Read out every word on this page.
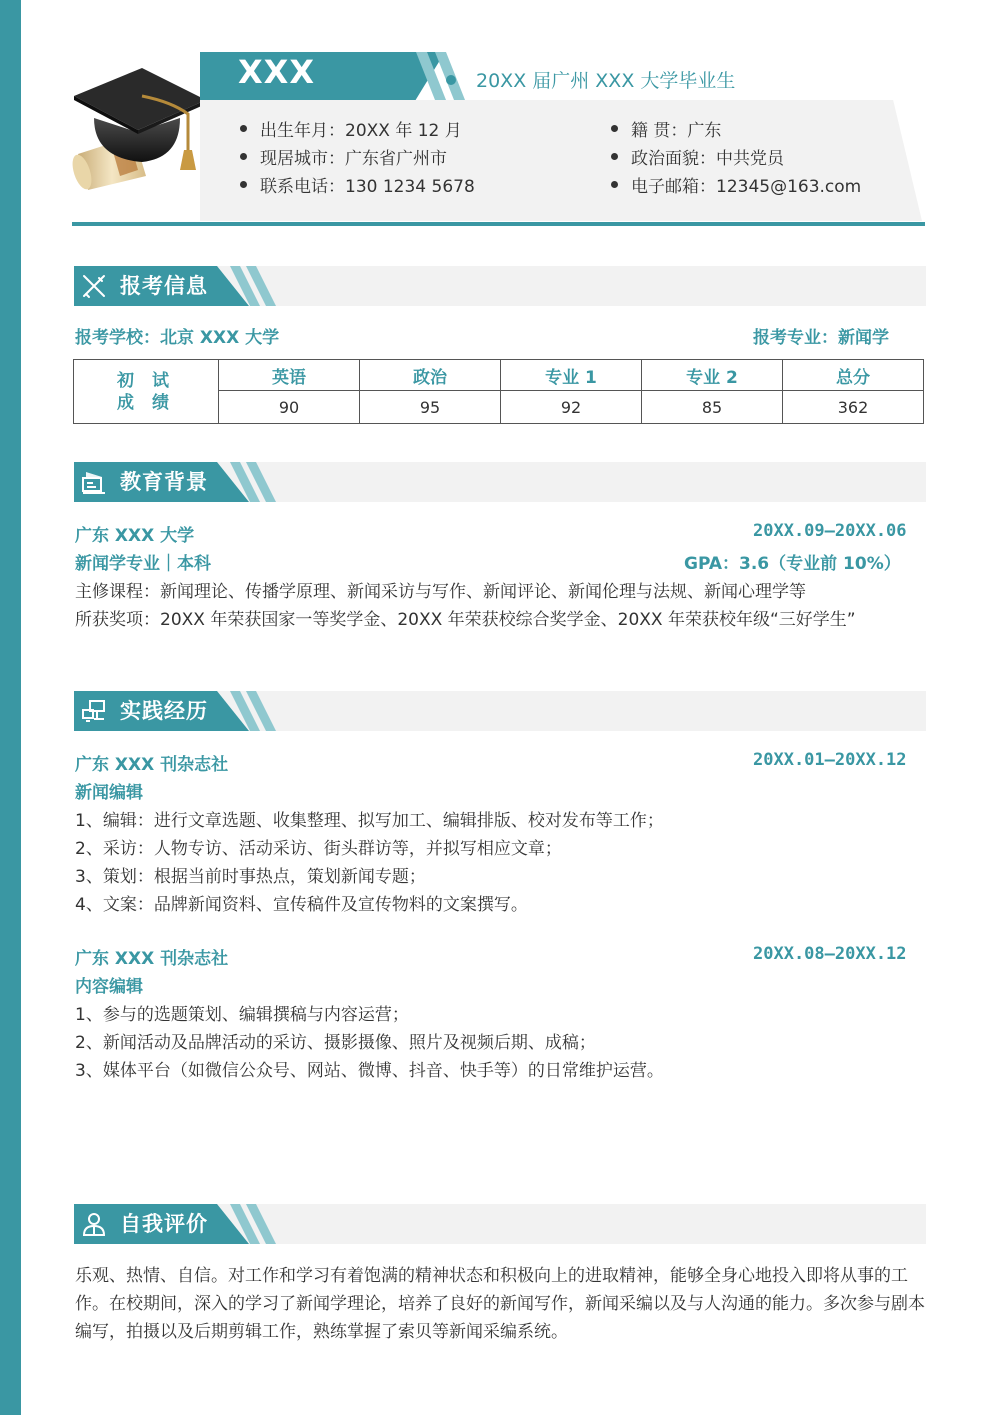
XXX	20XX 届广州 XXX 大学毕业生
出生年月：20XX 年 12 月
现居城市：广东省广州市
联系电话：130 1234 5678
籍 贯：广东
政治面貌：中共党员
电子邮箱：12345@163.com
报考信息
报考学校：北京 XXX 大学	报考专业：新闻学
初 试
成 绩	英语	政治	专业 1	专业 2	总分
	90	95	92	85	362
教育背景
广东 XXX 大学	20XX.09–20XX.06
新闻学专业｜本科	GPA：3.6（专业前 10%）
主修课程：新闻理论、传播学原理、新闻采访与写作、新闻评论、新闻伦理与法规、新闻心理学等
所获奖项：20XX 年荣获国家一等奖学金、20XX 年荣获校综合奖学金、20XX 年荣获校年级“三好学生”
实践经历
广东 XXX 刊杂志社	20XX.01–20XX.12
新闻编辑
1、编辑：进行文章选题、收集整理、拟写加工、编辑排版、校对发布等工作；
2、采访：人物专访、活动采访、街头群访等，并拟写相应文章；
3、策划：根据当前时事热点，策划新闻专题；
4、文案：品牌新闻资料、宣传稿件及宣传物料的文案撰写。
广东 XXX 刊杂志社	20XX.08–20XX.12
内容编辑
1、参与的选题策划、编辑撰稿与内容运营；
2、新闻活动及品牌活动的采访、摄影摄像、照片及视频后期、成稿；
3、媒体平台（如微信公众号、网站、微博、抖音、快手等）的日常维护运营。
自我评价
乐观、热情、自信。对工作和学习有着饱满的精神状态和积极向上的进取精神，能够全身心地投入即将从事的工作。在校期间，深入的学习了新闻学理论，培养了良好的新闻写作，新闻采编以及与人沟通的能力。多次参与剧本编写，拍摄以及后期剪辑工作，熟练掌握了索贝等新闻采编系统。
